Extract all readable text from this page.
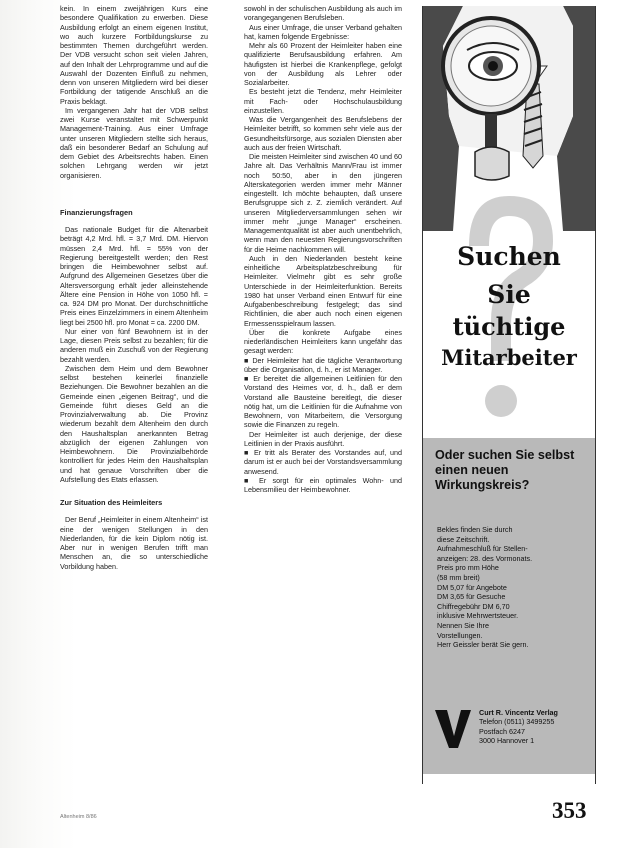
kein. In einem zweijährigen Kurs eine besondere Qualifikation zu erwerben. Diese Ausbildung erfolgt an einem eigenen Institut, wo auch kurzere Fortbildungskurse zu bestimmten Themen durchgeführt werden. Der VDB versucht schon seit vielen Jahren, auf den Inhalt der Lehrprogramme und auf die Auswahl der Dozenten Einfluß zu nehmen, denn von unseren Mitgliedern wird bei dieser Fortbildung der tatigende Anschluß an die Praxis beklagt.

Im vergangenen Jahr hat der VDB selbst zwei Kurse veranstaltet mit Schwerpunkt Management-Training. Aus einer Umfrage unter unseren Mitgliedern stellte sich heraus, daß ein besonderer Bedarf an Schulung auf dem Gebiet des Arbeitsrechts haben. Einen solchen Lehrgang werden wir jetzt organisieren.

Finanzierungsfragen

Das nationale Budget für die Altenarbeit beträgt 4,2 Mrd. hfl. = 3,7 Mrd. DM. Hiervon müssen 2,4 Mrd. hfl. = 55% von der Regierung bereitgestellt werden; den Rest bringen die Heimbewohner selbst auf. Aufgrund des Allgemeinen Gesetzes über die Altersversorgung erhält jeder alleinstehende Ältere eine Pension in Höhe von 1050 hfl. = ca. 924 DM pro Monat. Der durchschnittliche Preis eines Einzelzimmers in einem Altenheim liegt bei 2500 hfl. pro Monat = ca. 2200 DM.

Nur einer von fünf Bewohnern ist in der Lage, diesen Preis selbst zu bezahlen; für die anderen muß ein Zuschuß von der Regierung bezahlt werden.

Zwischen dem Heim und dem Bewohner selbst bestehen keinerlei finanzielle Beziehungen. Die Bewohner bezahlen an die Gemeinde einen „eigenen Beitrag“, und die Gemeinde führt dieses Geld an die Provinzialverwaltung ab. Die Provinz wiederum bezahlt dem Altenheim den durch den Haushaltsplan anerkannten Betrag abzüglich der eigenen Zahlungen von Heimbewohnern. Die Provinzialbehörde kontrolliert für jedes Heim den Haushaltsplan und hat genaue Vorschriften über die Aufstellung des Etats erlassen.

Zur Situation des Heimleiters

Der Beruf „Heimleiter in einem Altenheim“ ist eine der wenigen Stellungen in den Niederlanden, für die kein Diplom nötig ist. Aber nur in wenigen Berufen trifft man Menschen an, die so unterschiedliche Vorbildung haben.

sowohl in der schulischen Ausbildung als auch im vorangegangenen Berufsleben.

Aus einer Umfrage, die unser Verband gehalten hat, kamen folgende Ergebnisse:

Mehr als 60 Prozent der Heimleiter haben eine qualifizierte Berufsausbildung erfahren. Am häufigsten ist hierbei die Krankenpflege, gefolgt von der Ausbildung als Lehrer oder Sozialarbeiter.

Es besteht jetzt die Tendenz, mehr Heimleiter mit Fach- oder Hochschulausbildung einzustellen.

Was die Vergangenheit des Berufslebens der Heimleiter betrifft, so kommen sehr viele aus der Gesundheitsfürsorge, aus sozialen Diensten aber auch aus der freien Wirtschaft.

Die meisten Heimleiter sind zwischen 40 und 60 Jahre alt. Das Verhältnis Mann/Frau ist immer noch 50:50, aber in den jüngeren Alterskategorien werden immer mehr Männer eingestellt. Ich möchte behaupten, daß unsere Berufsgruppe sich z. Z. ziemlich verändert. Auf unseren Mitgliederversammlungen sehen wir immer mehr „junge Manager“ erscheinen. Managementqualität ist aber auch unentbehrlich, wenn man den neuesten Regierungsvorschriften für die Heime nachkommen will.

Auch in den Niederlanden besteht keine einheitliche Arbeitsplatzbeschreibung für Heimleiter. Vielmehr gibt es sehr große Unterschiede in der Heimleiterfunktion. Bereits 1980 hat unser Verband einen Entwurf für eine Aufgabenbeschreibung festgelegt; das sind Richtlinien, die aber auch noch einen eigenen Ermessensspielraum lassen.

Über die konkrete Aufgabe eines niederländischen Heimleiters kann ungefähr das gesagt werden:

■ Der Heimleiter hat die tägliche Verantwortung über die Organisation, d. h., er ist Manager.

■ Er bereitet die allgemeinen Leitlinien für den Vorstand des Heimes vor, d. h., daß er dem Vorstand alle Bausteine bereitlegt, die dieser nötig hat, um die Leitlinien für die Aufnahme von Bewohnern, von Mitarbeitern, die Versorgung sowie die Finanzen zu regeln.

Der Heimleiter ist auch derjenige, der diese Leitlinien in der Praxis ausführt.

■ Er tritt als Berater des Vorstandes auf, und darum ist er auch bei der Vorstandsversammlung anwesend.

■ Er sorgt für ein optimales Wohn- und Lebensmilieu der Heimbewohner.

Suchen
Sie
tüchtige
Mitarbeiter
Oder suchen Sie selbst einen neuen Wirkungskreis?
Bekles finden Sie durch
diese Zeitschrift.
Aufnahmeschluß für Stellen-
anzeigen: 28. des Vormonats.
Preis pro mm Höhe
(58 mm breit)
DM 5,07 für Angebote
DM 3,65 für Gesuche
Chiffregebühr DM 6,70
inklusive Mehrwertsteuer.
Nennen Sie Ihre
Vorstellungen.
Herr Geissler berät Sie gern.
V	Curt R. Vincentz Verlag
Telefon (0511) 3499255
Postfach 6247
3000 Hannover 1
Altenheim 8/86	353
